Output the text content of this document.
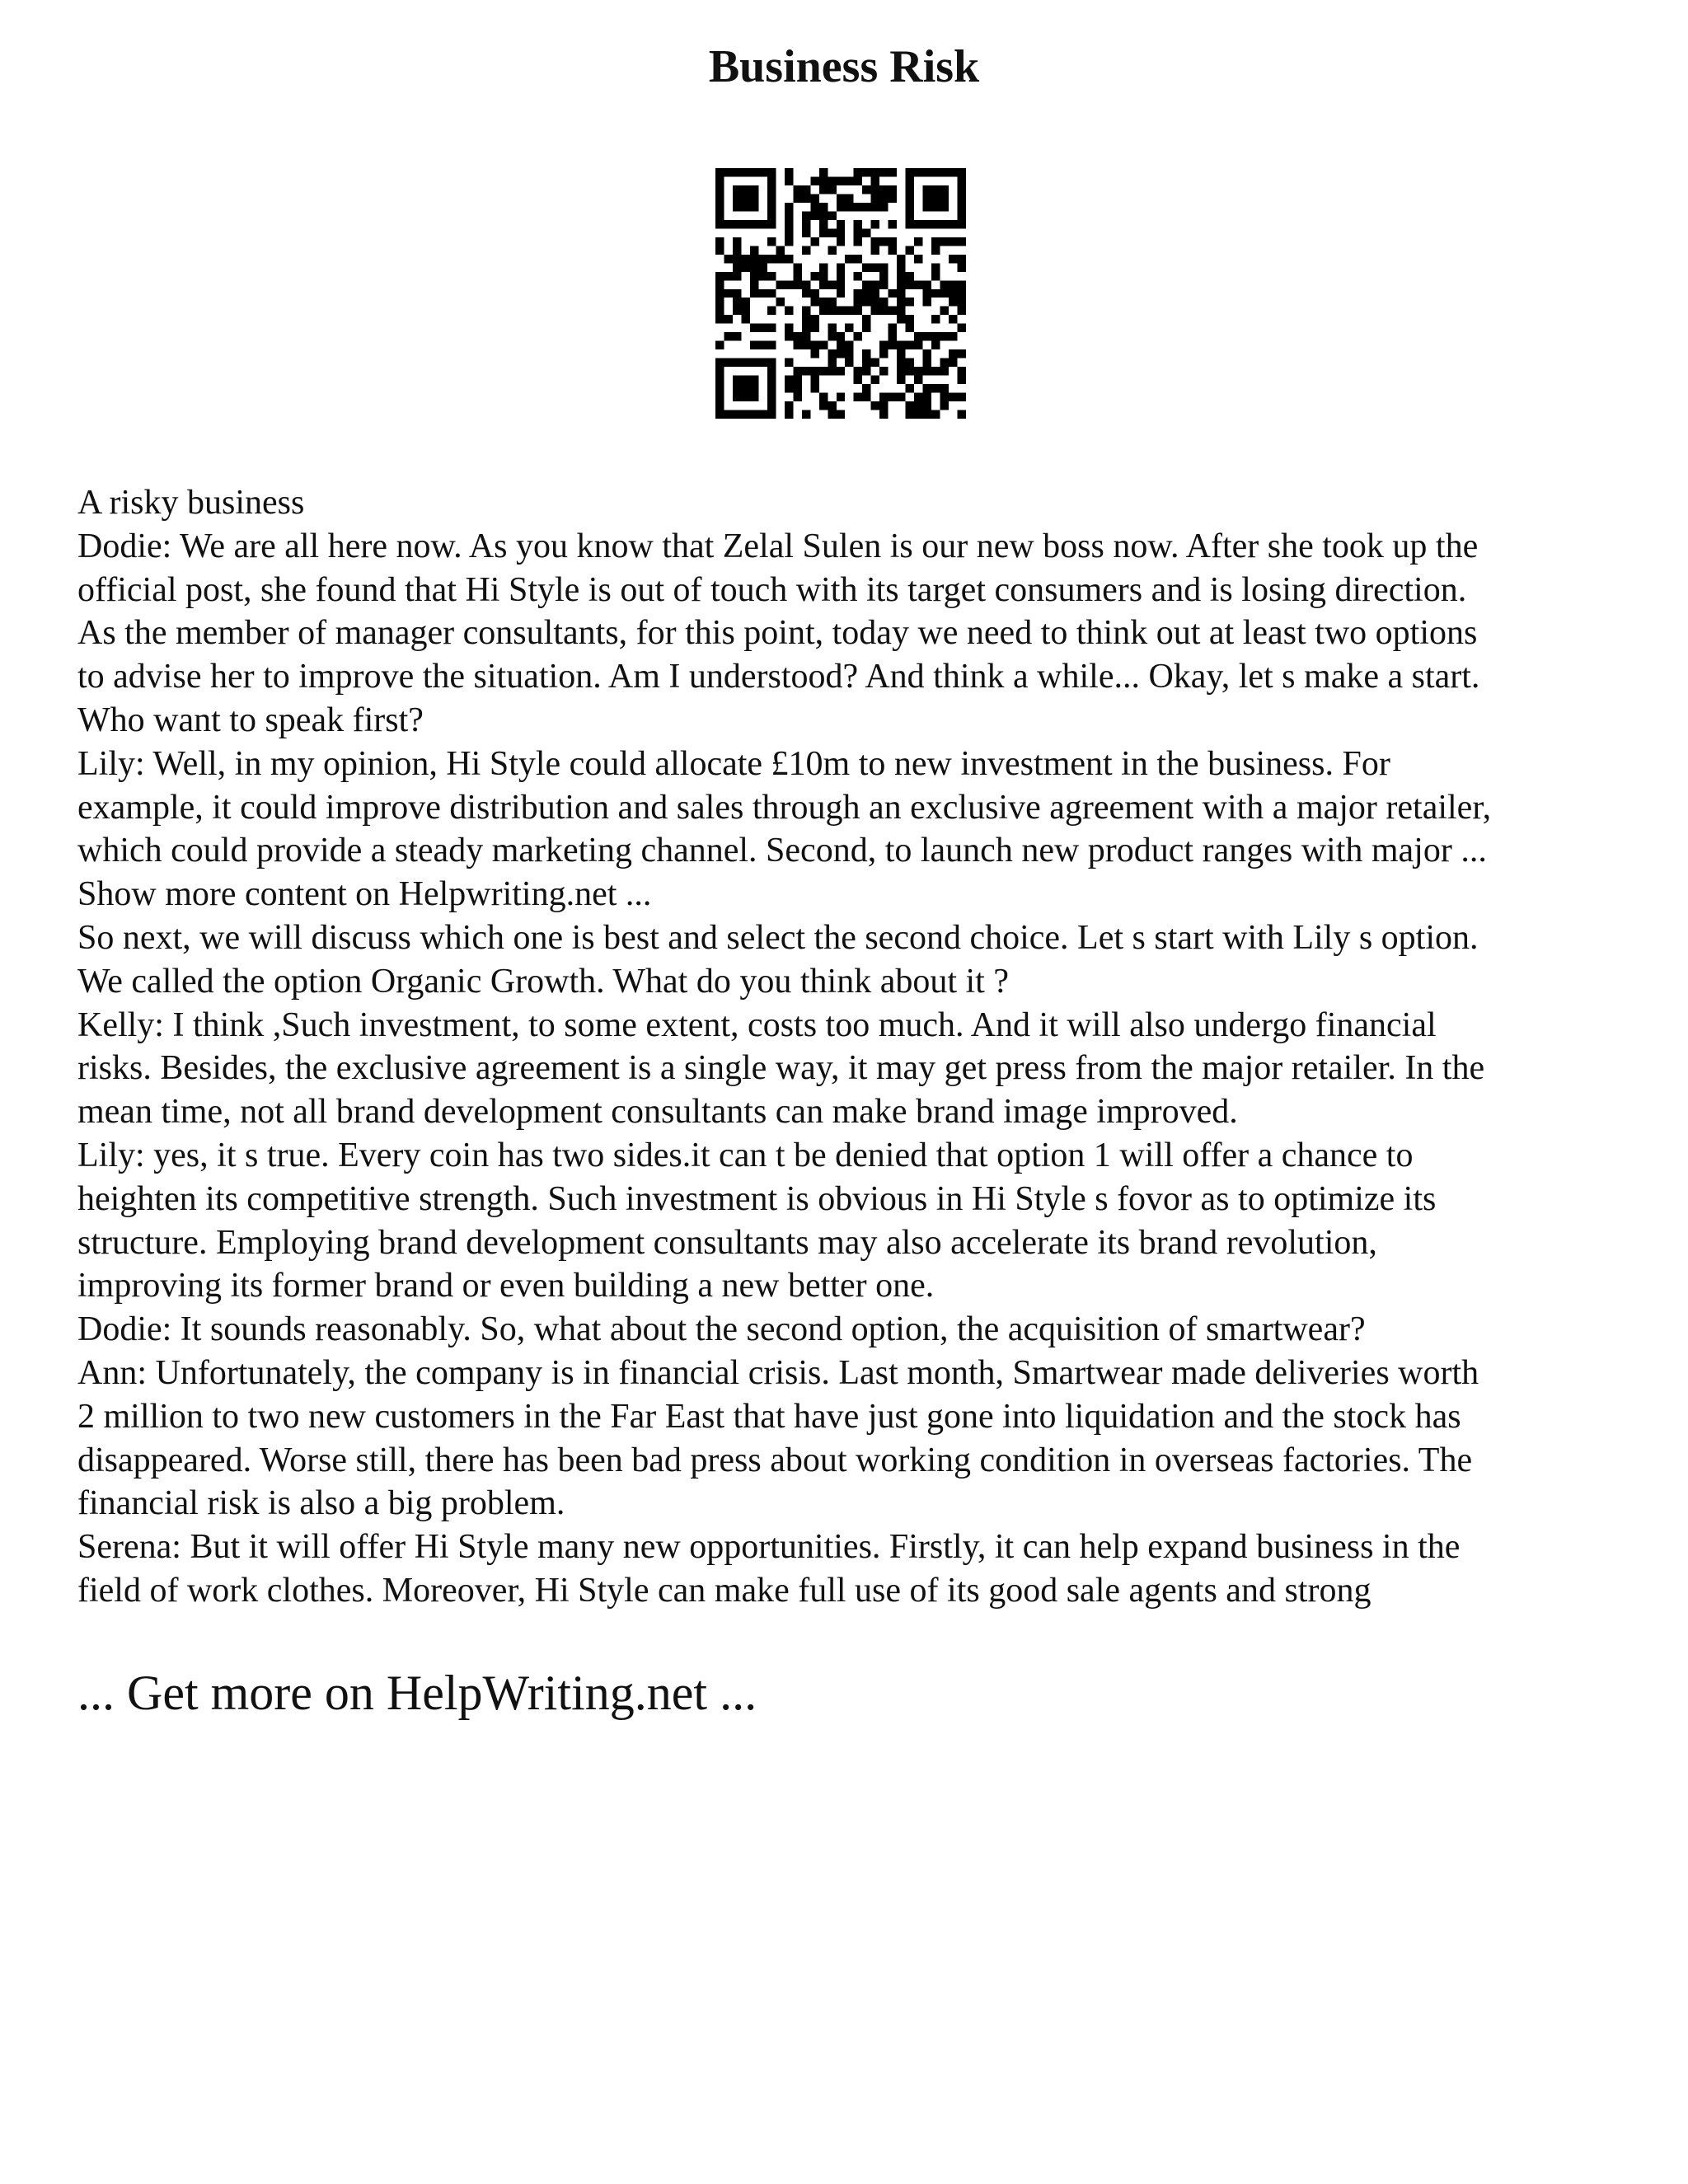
Business Risk
A risky business
Dodie: We are all here now. As you know that Zelal Sulen is our new boss now. After she took up the
official post, she found that Hi Style is out of touch with its target consumers and is losing direction.
As the member of manager consultants, for this point, today we need to think out at least two options
to advise her to improve the situation. Am I understood? And think a while... Okay, let s make a start.
Who want to speak first?
Lily: Well, in my opinion, Hi Style could allocate £10m to new investment in the business. For
example, it could improve distribution and sales through an exclusive agreement with a major retailer,
which could provide a steady marketing channel. Second, to launch new product ranges with major ...
Show more content on Helpwriting.net ...
So next, we will discuss which one is best and select the second choice. Let s start with Lily s option.
We called the option Organic Growth. What do you think about it ?
Kelly: I think ,Such investment, to some extent, costs too much. And it will also undergo financial
risks. Besides, the exclusive agreement is a single way, it may get press from the major retailer. In the
mean time, not all brand development consultants can make brand image improved.
Lily: yes, it s true. Every coin has two sides.it can t be denied that option 1 will offer a chance to
heighten its competitive strength. Such investment is obvious in Hi Style s fovor as to optimize its
structure. Employing brand development consultants may also accelerate its brand revolution,
improving its former brand or even building a new better one.
Dodie: It sounds reasonably. So, what about the second option, the acquisition of smartwear?
Ann: Unfortunately, the company is in financial crisis. Last month, Smartwear made deliveries worth
2 million to two new customers in the Far East that have just gone into liquidation and the stock has
disappeared. Worse still, there has been bad press about working condition in overseas factories. The
financial risk is also a big problem.
Serena: But it will offer Hi Style many new opportunities. Firstly, it can help expand business in the
field of work clothes. Moreover, Hi Style can make full use of its good sale agents and strong
... Get more on HelpWriting.net ...
